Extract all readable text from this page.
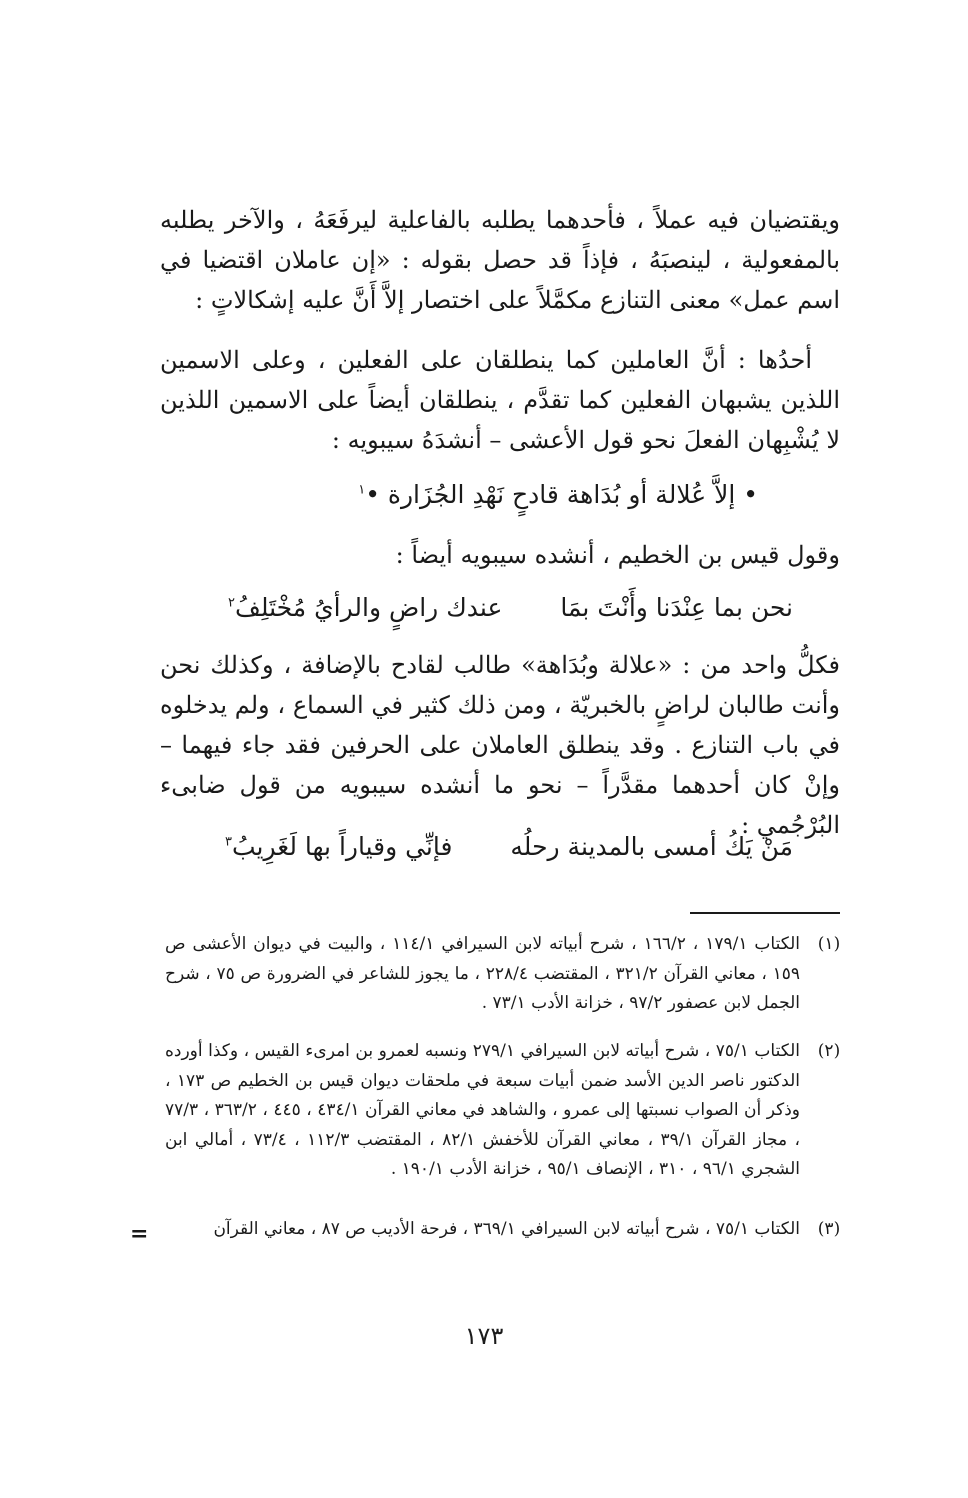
ويقتضيان فيه عملاً ، فأحدهما يطلبه بالفاعلية ليرفَعَهُ ، والآخر يطلبه بالمفعولية ، لينصبَهُ ، فإذاً قد حصل بقوله : «إن عاملان اقتضيا في اسم عمل» معنى التنازع مكمَّلاً على اختصار إلاَّ أَنَّ عليه إشكالاتٍ :

أحدُها : أنَّ العاملين كما ينطلقان على الفعلين ، وعلى الاسمين اللذين يشبهان الفعلين كما تقدَّم ، ينطلقان أيضاً على الاسمين اللذين لا يُشْبِهان الفعلَ نحو قول الأعشى – أنشدَهُ سيبويه :

• إلاَّ عُلالة أو بُدَاهة قادحٍ نَهْدِ الجُزَارة •$^١$

وقول قيس بن الخطيم ، أنشده سيبويه أيضاً :

نحن بما عِنْدَنا وأَنْتَ بمَا عندك راضٍ والرأيُ مُخْتَلِفُ$^٢$

فكلُّ واحد من : «علالة وبُدَاهة» طالب لقادح بالإضافة ، وكذلك نحن وأنت طالبان لراضٍ بالخبريّة ، ومن ذلك كثير في السماع ، ولم يدخلوه في باب التنازع . وقد ينطلق العاملان على الحرفين فقد جاء فيهما – وإنْ كان أحدهما مقدَّراً – نحو ما أنشده سيبويه من قول ضابىء البُرْجُمي :

مَنْ يَكُ أمسى بالمدينة رحلُه فإنِّي وقياراً بها لَغَرِيبُ$^٣$
(١)
الكتاب ١٧٩/١ ، ١٦٦/٢ ، شرح أبياته لابن السيرافي ١١٤/١ ، والبيت في ديوان الأعشى ص ١٥٩ ، معاني القرآن ٣٢١/٢ ، المقتضب ٢٢٨/٤ ، ما يجوز للشاعر في الضرورة ص ٧٥ ، شرح الجمل لابن عصفور ٩٧/٢ ، خزانة الأدب ٧٣/١ .
(٢)
الكتاب ٧٥/١ ، شرح أبياته لابن السيرافي ٢٧٩/١ ونسبه لعمرو بن امرىء القيس ، وكذا أورده الدكتور ناصر الدين الأسد ضمن أبيات سبعة في ملحقات ديوان قيس بن الخطيم ص ١٧٣ ، وذكر أن الصواب نسبتها إلى عمرو ، والشاهد في معاني القرآن ٤٣٤/١ ، ٤٤٥ ، ٣٦٣/٢ ، ٧٧/٣ ، مجاز القرآن ٣٩/١ ، معاني القرآن للأخفش ٨٢/١ ، المقتضب ١١٢/٣ ، ٧٣/٤ ، أمالي ابن الشجري ٩٦/١ ، ٣١٠ ، الإنصاف ٩٥/١ ، خزانة الأدب ١٩٠/١ .
(٣)
الكتاب ٧٥/١ ، شرح أبياته لابن السيرافي ٣٦٩/١ ، فرحة الأديب ص ٨٧ ، معاني القرآن
=
١٧٣
